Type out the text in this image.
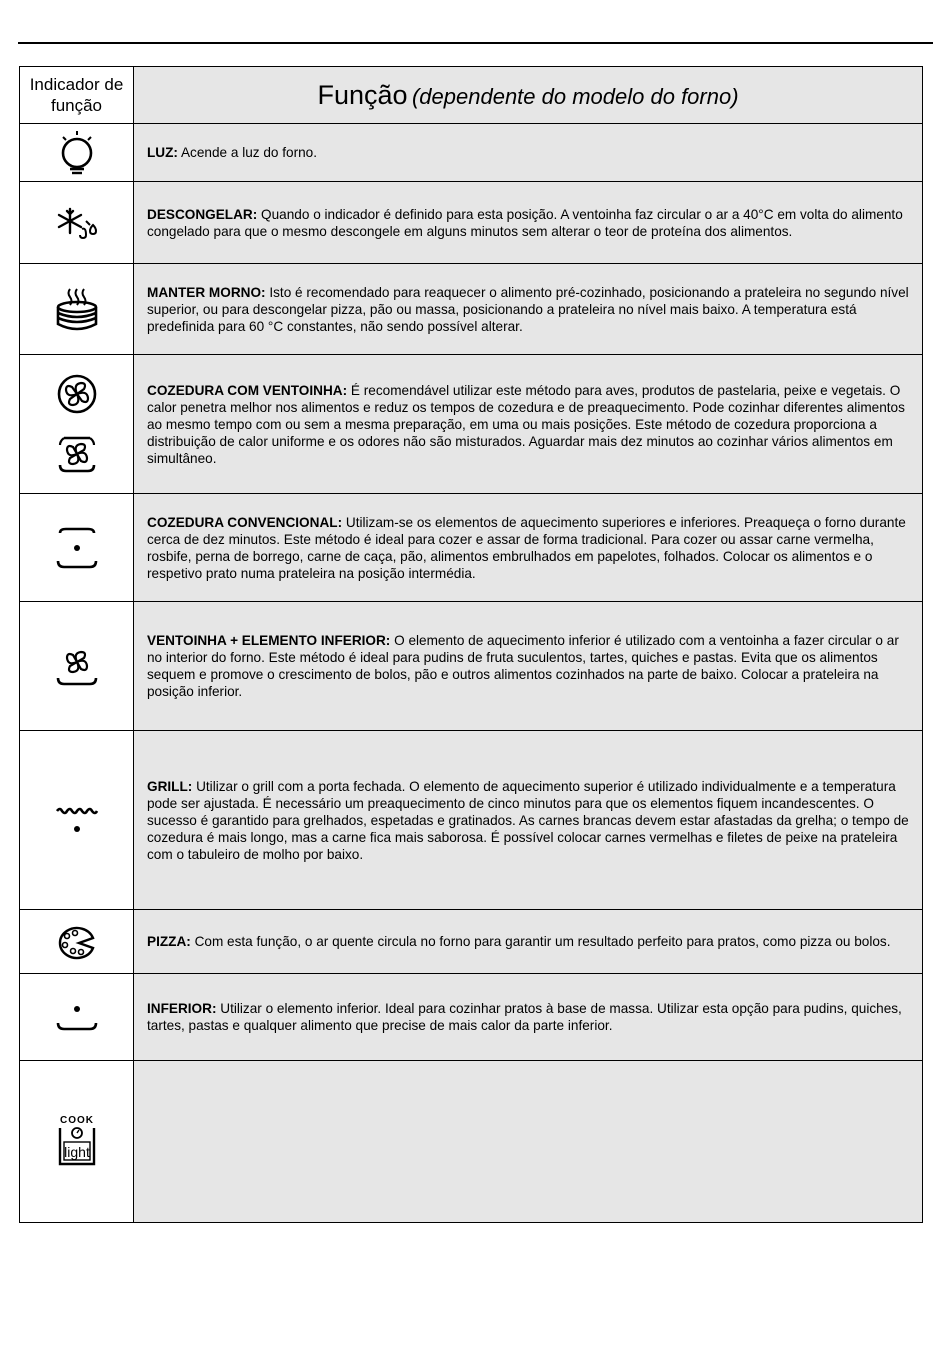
Indicador de função	Função (dependente do modelo do forno)

	LUZ: Acende a luz do forno.

	DESCONGELAR: Quando o indicador é definido para esta posição. A ventoinha faz circular o ar a 40°C em volta do alimento congelado para que o mesmo descongele em alguns minutos sem alterar o teor de proteína dos alimentos.

	MANTER MORNO: Isto é recomendado para reaquecer o alimento pré-cozinhado, posicionando a prateleira no segundo nível superior, ou para descongelar pizza, pão ou massa, posicionando a prateleira no nível mais baixo. A temperatura está predefinida para 60 °C constantes, não sendo possível alterar.

	COZEDURA COM VENTOINHA: É recomendável utilizar este método para aves, produtos de pastelaria, peixe e vegetais. O calor penetra melhor nos alimentos e reduz os tempos de cozedura e de preaquecimento. Pode cozinhar diferentes alimentos ao mesmo tempo com ou sem a mesma preparação, em uma ou mais posições. Este método de cozedura proporciona a distribuição de calor uniforme e os odores não são misturados. Aguardar mais dez minutos ao cozinhar vários alimentos em simultâneo.

	COZEDURA CONVENCIONAL: Utilizam-se os elementos de aquecimento superiores e inferiores. Preaqueça o forno durante cerca de dez minutos. Este método é ideal para cozer e assar de forma tradicional. Para cozer ou assar carne vermelha, rosbife, perna de borrego, carne de caça, pão, alimentos embrulhados em papelotes, folhados. Colocar os alimentos e o respetivo prato numa prateleira na posição intermédia.

	VENTOINHA + ELEMENTO INFERIOR: O elemento de aquecimento inferior é utilizado com a ventoinha a fazer circular o ar no interior do forno. Este método é ideal para pudins de fruta suculentos, tartes, quiches e pastas. Evita que os alimentos sequem e promove o crescimento de bolos, pão e outros alimentos cozinhados na parte de baixo. Colocar a prateleira na posição inferior.

	GRILL: Utilizar o grill com a porta fechada. O elemento de aquecimento superior é utilizado individualmente e a temperatura pode ser ajustada. É necessário um preaquecimento de cinco minutos para que os elementos fiquem incandescentes. O sucesso é garantido para grelhados, espetadas e gratinados. As carnes brancas devem estar afastadas da grelha; o tempo de cozedura é mais longo, mas a carne fica mais saborosa. É possível colocar carnes vermelhas e filetes de peixe na prateleira com o tabuleiro de molho por baixo.

	PIZZA: Com esta função, o ar quente circula no forno para garantir um resultado perfeito para pratos, como pizza ou bolos.

	INFERIOR: Utilizar o elemento inferior. Ideal para cozinhar pratos à base de massa. Utilizar esta opção para pudins, quiches, tartes, pastas e qualquer alimento que precise de mais calor da parte inferior.

COOK
light	
